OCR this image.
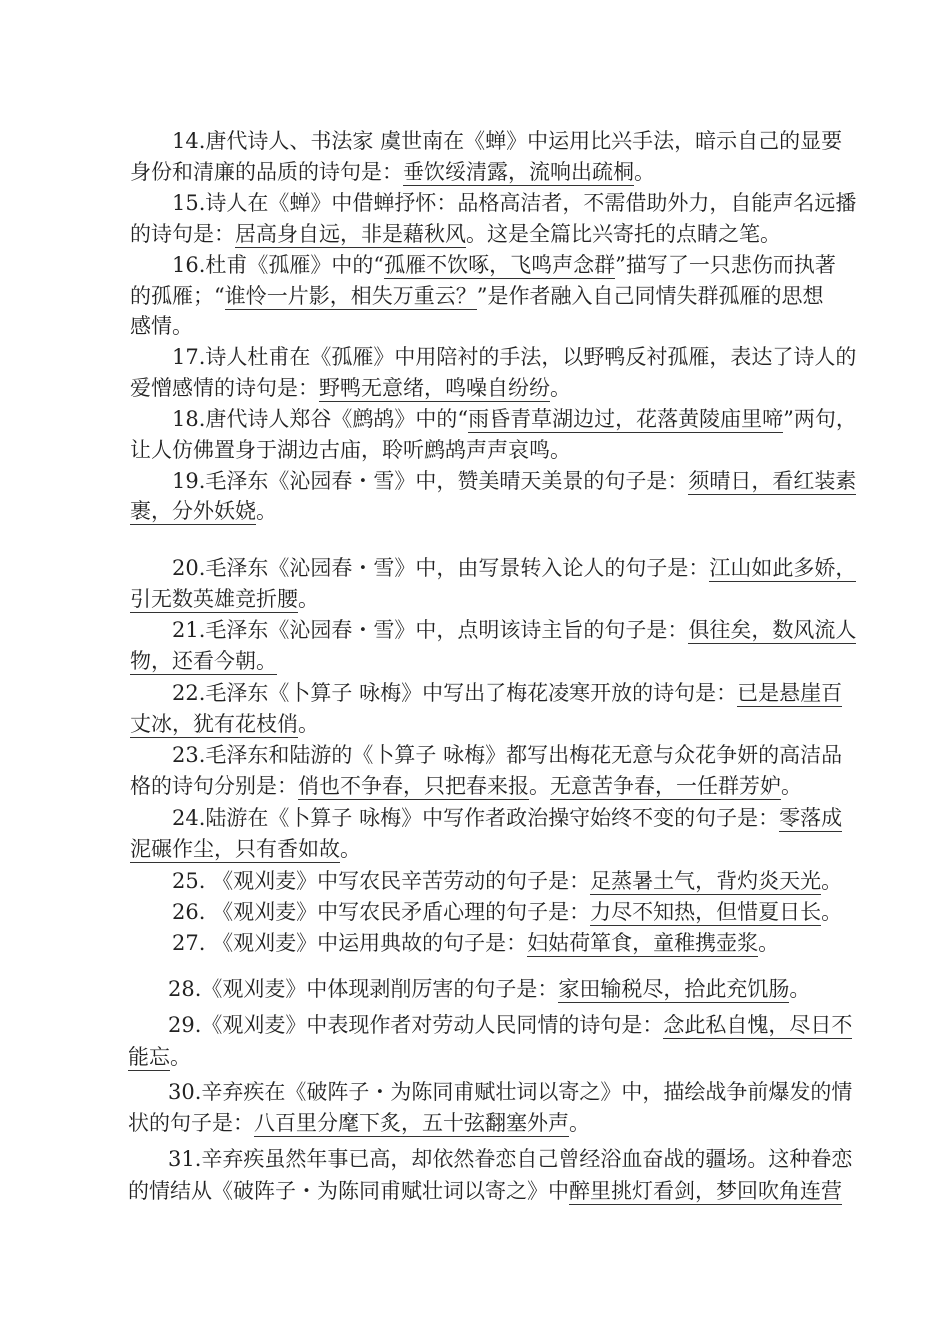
14.唐代诗人、书法家 虞世南在《蝉》中运用比兴手法，暗示自己的显要
身份和清廉的品质的诗句是：垂饮绥清露，流响出疏桐。
15.诗人在《蝉》中借蝉抒怀：品格高洁者，不需借助外力，自能声名远播
的诗句是：居高身自远，非是藉秋风。这是全篇比兴寄托的点睛之笔。
16.杜甫《孤雁》中的“孤雁不饮啄，飞鸣声念群”描写了一只悲伤而执著
的孤雁；“谁怜一片影，相失万重云？”是作者融入自己同情失群孤雁的思想
感情。
17.诗人杜甫在《孤雁》中用陪衬的手法，以野鸭反衬孤雁，表达了诗人的
爱憎感情的诗句是：野鸭无意绪，鸣噪自纷纷。
18.唐代诗人郑谷《鹧鸪》中的“雨昏青草湖边过，花落黄陵庙里啼”两句，
让人仿佛置身于湖边古庙，聆听鹧鸪声声哀鸣。
19.毛泽东《沁园春・雪》中，赞美晴天美景的句子是：须晴日，看红装素
裹，分外妖娆。
20.毛泽东《沁园春・雪》中，由写景转入论人的句子是：江山如此多娇，
引无数英雄竞折腰。
21.毛泽东《沁园春・雪》中，点明该诗主旨的句子是：俱往矣，数风流人
物，还看今朝。
22.毛泽东《卜算子 咏梅》中写出了梅花凌寒开放的诗句是：已是悬崖百
丈冰，犹有花枝俏。
23.毛泽东和陆游的《卜算子 咏梅》都写出梅花无意与众花争妍的高洁品
格的诗句分别是：俏也不争春，只把春来报。无意苦争春，一任群芳妒。
24.陆游在《卜算子 咏梅》中写作者政治操守始终不变的句子是：零落成
泥碾作尘，只有香如故。
25. 《观刈麦》中写农民辛苦劳动的句子是：足蒸暑土气，背灼炎天光。
26. 《观刈麦》中写农民矛盾心理的句子是：力尽不知热，但惜夏日长。
27. 《观刈麦》中运用典故的句子是：妇姑荷箪食，童稚携壶浆。
28.《观刈麦》中体现剥削厉害的句子是：家田输税尽，拾此充饥肠。
29.《观刈麦》中表现作者对劳动人民同情的诗句是：念此私自愧，尽日不
能忘。
30.辛弃疾在《破阵子・为陈同甫赋壮词以寄之》中，描绘战争前爆发的情
状的句子是：八百里分麾下炙，五十弦翻塞外声。
31.辛弃疾虽然年事已高，却依然眷恋自己曾经浴血奋战的疆场。这种眷恋
的情结从《破阵子・为陈同甫赋壮词以寄之》中醉里挑灯看剑，梦回吹角连营
